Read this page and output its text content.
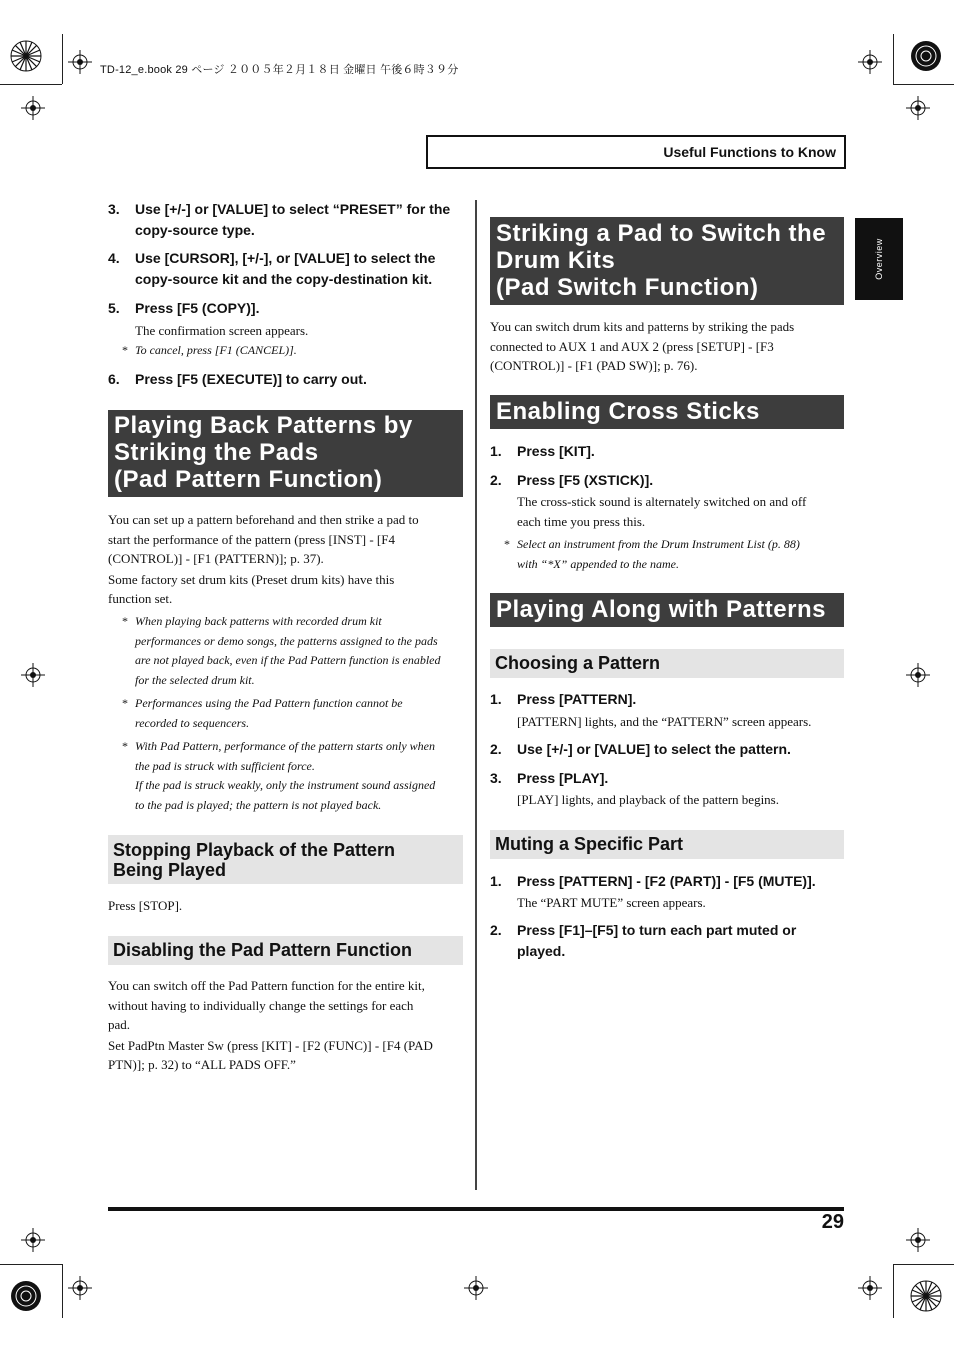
TD-12_e.book 29 ページ ２００５年２月１８日 金曜日 午後６時３９分
Useful Functions to Know
Overview
3. Use [+/-] or [VALUE] to select “PRESET” for the
copy-source type.
4. Use [CURSOR], [+/-], or [VALUE] to select the
copy-source kit and the copy-destination kit.
5. Press [F5 (COPY)].
The confirmation screen appears.
* To cancel, press [F1 (CANCEL)].
6. Press [F5 (EXECUTE)] to carry out.
Playing Back Patterns by
Striking the Pads
(Pad Pattern Function)
You can set up a pattern beforehand and then strike a pad to
start the performance of the pattern (press [INST] - [F4
(CONTROL)] - [F1 (PATTERN)]; p. 37).
Some factory set drum kits (Preset drum kits) have this
function set.
* When playing back patterns with recorded drum kit
performances or demo songs, the patterns assigned to the pads
are not played back, even if the Pad Pattern function is enabled
for the selected drum kit.
* Performances using the Pad Pattern function cannot be
recorded to sequencers.
* With Pad Pattern, performance of the pattern starts only when
the pad is struck with sufficient force.
If the pad is struck weakly, only the instrument sound assigned
to the pad is played; the pattern is not played back.
Stopping Playback of the Pattern
Being Played
Press [STOP].
Disabling the Pad Pattern Function
You can switch off the Pad Pattern function for the entire kit,
without having to individually change the settings for each
pad.
Set PadPtn Master Sw (press [KIT] - [F2 (FUNC)] - [F4 (PAD
PTN)]; p. 32) to “ALL PADS OFF.”
Striking a Pad to Switch the
Drum Kits
(Pad Switch Function)
You can switch drum kits and patterns by striking the pads
connected to AUX 1 and AUX 2 (press [SETUP] - [F3
(CONTROL)] - [F1 (PAD SW)]; p. 76).
Enabling Cross Sticks
1. Press [KIT].
2. Press [F5 (XSTICK)].
The cross-stick sound is alternately switched on and off
each time you press this.
* Select an instrument from the Drum Instrument List (p. 88)
with “*X” appended to the name.
Playing Along with Patterns
Choosing a Pattern
1. Press [PATTERN].
[PATTERN] lights, and the “PATTERN” screen appears.
2. Use [+/-] or [VALUE] to select the pattern.
3. Press [PLAY].
[PLAY] lights, and playback of the pattern begins.
Muting a Specific Part
1. Press [PATTERN] - [F2 (PART)] - [F5 (MUTE)].
The “PART MUTE” screen appears.
2. Press [F1]–[F5] to turn each part muted or
played.
29
